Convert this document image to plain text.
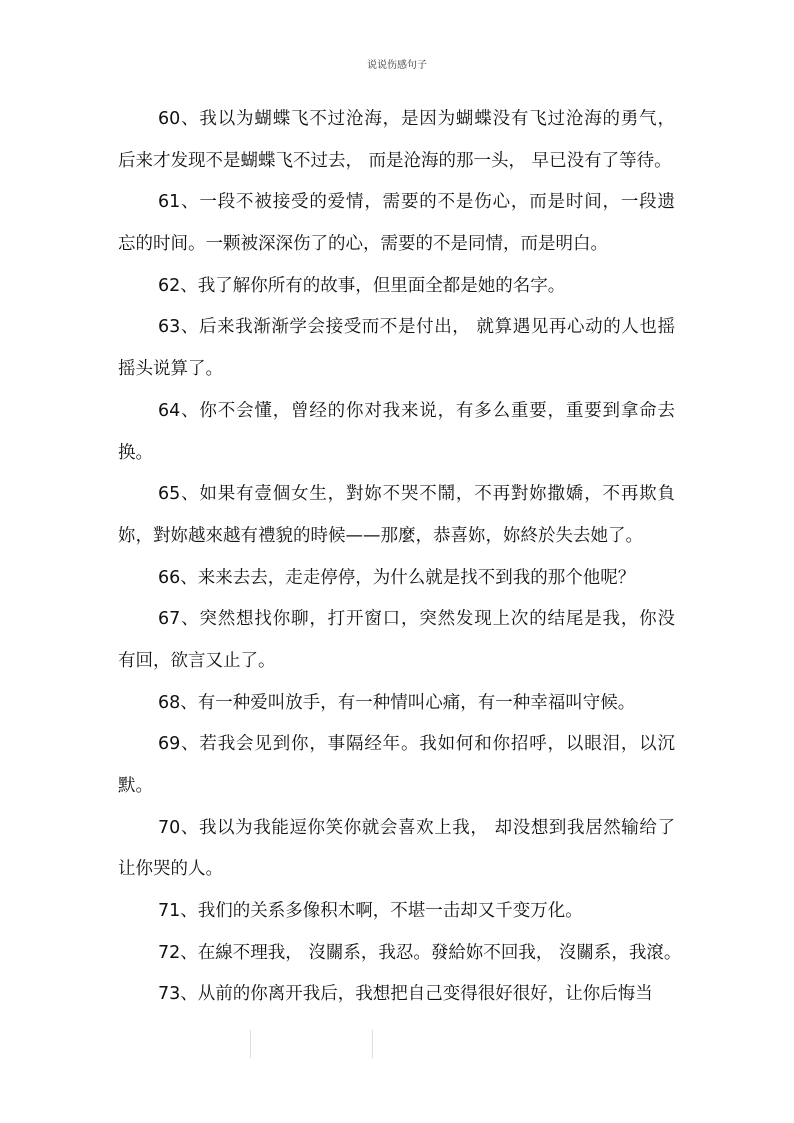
说说伤感句子
60、我以为蝴蝶飞不过沧海，是因为蝴蝶没有飞过沧海的勇气，
后来才发现不是蝴蝶飞不过去， 而是沧海的那一头， 早已没有了等待。
61、一段不被接受的爱情，需要的不是伤心，而是时间，一段遗
忘的时间。一颗被深深伤了的心，需要的不是同情，而是明白。
62、我了解你所有的故事，但里面全都是她的名字。
63、后来我渐渐学会接受而不是付出， 就算遇见再心动的人也摇
摇头说算了。
64、你不会懂，曾经的你对我来说，有多么重要，重要到拿命去
换。
65、如果有壹個女生，對妳不哭不鬧，不再對妳撒嬌，不再欺負
妳，對妳越來越有禮貌的時候——那麼，恭喜妳，妳終於失去她了。
66、来来去去，走走停停，为什么就是找不到我的那个他呢？
67、突然想找你聊，打开窗口，突然发现上次的结尾是我，你没
有回，欲言又止了。
68、有一种爱叫放手，有一种情叫心痛，有一种幸福叫守候。
69、若我会见到你，事隔经年。我如何和你招呼，以眼泪，以沉
默。
70、我以为我能逗你笑你就会喜欢上我， 却没想到我居然输给了
让你哭的人。
71、我们的关系多像积木啊，不堪一击却又千变万化。
72、在線不理我， 沒關系，我忍。發給妳不回我， 沒關系，我滾。
73、从前的你离开我后，我想把自己变得很好很好，让你后悔当
